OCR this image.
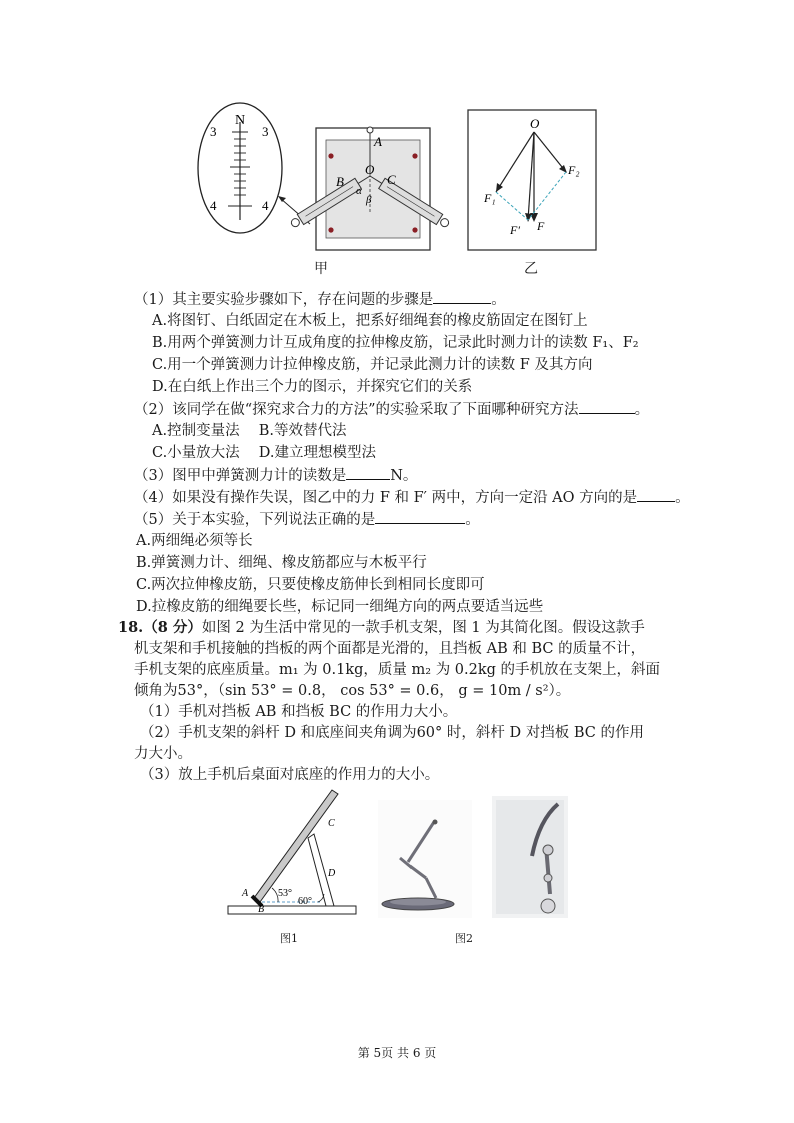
N
3	3
4	4
A
O
B	C
α
β
O
F₁
F₂
F′ F
甲	乙
（1）其主要实验步骤如下，存在问题的步骤是	。
A.将图钉、白纸固定在木板上，把系好细绳套的橡皮筋固定在图钉上
B.用两个弹簧测力计互成角度的拉伸橡皮筋，记录此时测力计的读数 F₁、F₂
C.用一个弹簧测力计拉伸橡皮筋，并记录此测力计的读数 F 及其方向
D.在白纸上作出三个力的图示，并探究它们的关系
（2）该同学在做“探究求合力的方法”的实验采取了下面哪种研究方法	。
A.控制变量法　 B.等效替代法
C.小量放大法　 D.建立理想模型法
（3）图甲中弹簧测力计的读数是	N。
（4）如果没有操作失误，图乙中的力 F 和 F′ 两中，方向一定沿 AO 方向的是	。
（5）关于本实验，下列说法正确的是	。
A.两细绳必须等长
B.弹簧测力计、细绳、橡皮筋都应与木板平行
C.两次拉伸橡皮筋，只要使橡皮筋伸长到相同长度即可
D.拉橡皮筋的细绳要长些，标记同一细绳方向的两点要适当远些
18.（8 分）如图 2 为生活中常见的一款手机支架，图 1 为其简化图。假设这款手
机支架和手机接触的挡板的两个面都是光滑的，且挡板 AB 和 BC 的质量不计，
手机支架的底座质量。m₁ 为 0.1kg，质量 m₂ 为 0.2kg 的手机放在支架上，斜面
倾角为53°，（sin 53° = 0.8， cos 53° = 0.6， g = 10m / s²）。
（1）手机对挡板 AB 和挡板 BC 的作用力大小。
（2）手机支架的斜杆 D 和底座间夹角调为60° 时，斜杆 D 对挡板 BC 的作用
力大小。
（3）放上手机后桌面对底座的作用力的大小。
C
D
A
B
53°
60°
图1	图2
第 5页 共 6 页
